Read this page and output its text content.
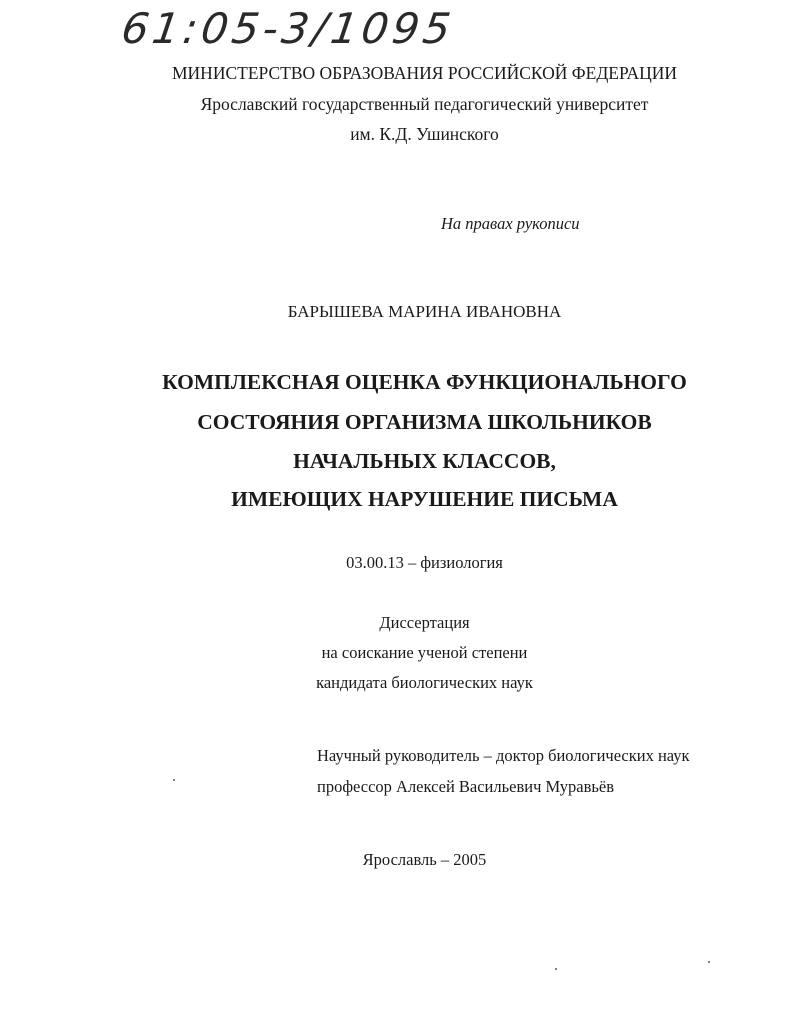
61:05-3/1095
МИНИСТЕРСТВО ОБРАЗОВАНИЯ РОССИЙСКОЙ ФЕДЕРАЦИИ
Ярославский государственный педагогический университет
им. К.Д. Ушинского
На правах рукописи
БАРЫШЕВА МАРИНА ИВАНОВНА
КОМПЛЕКСНАЯ ОЦЕНКА ФУНКЦИОНАЛЬНОГО
СОСТОЯНИЯ ОРГАНИЗМА ШКОЛЬНИКОВ
НАЧАЛЬНЫХ КЛАССОВ,
ИМЕЮЩИХ НАРУШЕНИЕ ПИСЬМА
03.00.13 – физиология
Диссертация
на соискание ученой степени
кандидата биологических наук
Научный руководитель – доктор биологических наук
профессор Алексей Васильевич Муравьёв
Ярославль – 2005
